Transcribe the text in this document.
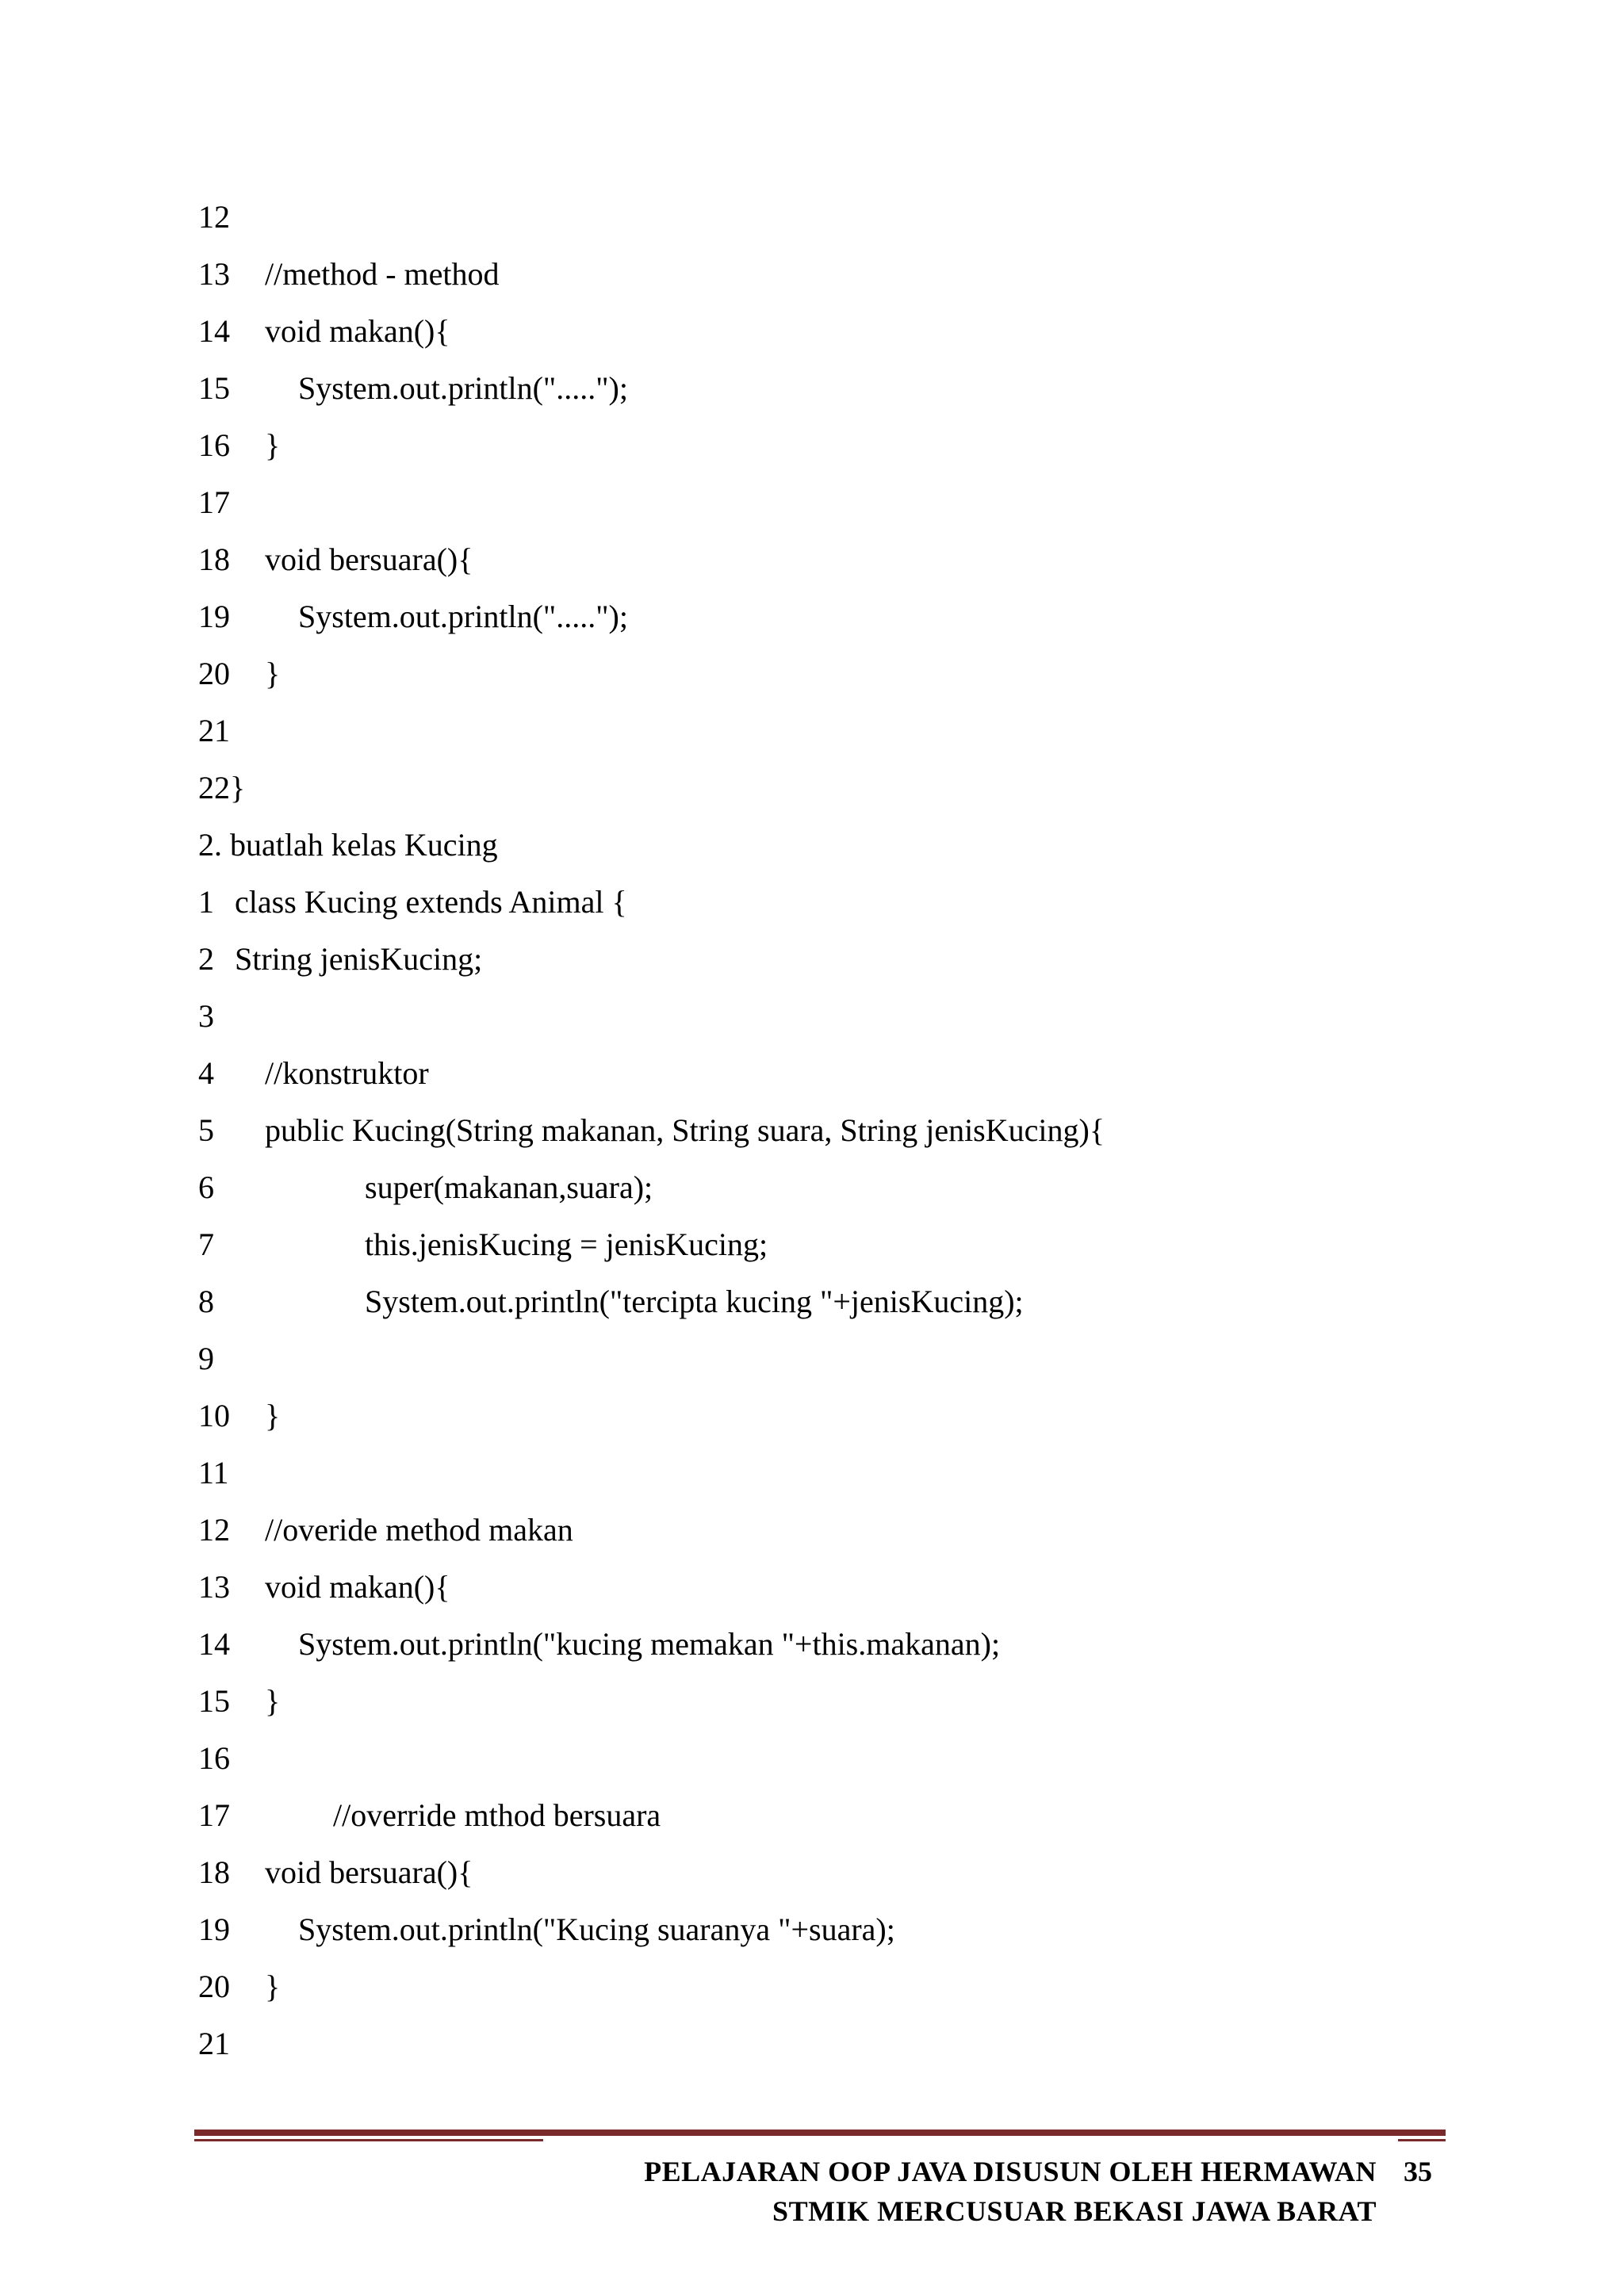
12
13 //method - method
14 void makan(){
15 System.out.println(".....");
16 }
17
18 void bersuara(){
19 System.out.println(".....");
20 }
21
22}
2. buatlah kelas Kucing
1 class Kucing extends Animal {
2 String jenisKucing;
3
4 //konstruktor
5 public Kucing(String makanan, String suara, String jenisKucing){
6	super(makanan,suara);
7	this.jenisKucing = jenisKucing;
8	System.out.println("tercipta kucing "+jenisKucing);
9
10 }
11
12 //overide method makan
13 void makan(){
14 System.out.println("kucing memakan "+this.makanan);
15 }
16
17	//override mthod bersuara
18 void bersuara(){
19 System.out.println("Kucing suaranya "+suara);
20 }
21
PELAJARAN OOP JAVA DISUSUN OLEH HERMAWAN
STMIK MERCUSUAR BEKASI JAWA BARAT
35
